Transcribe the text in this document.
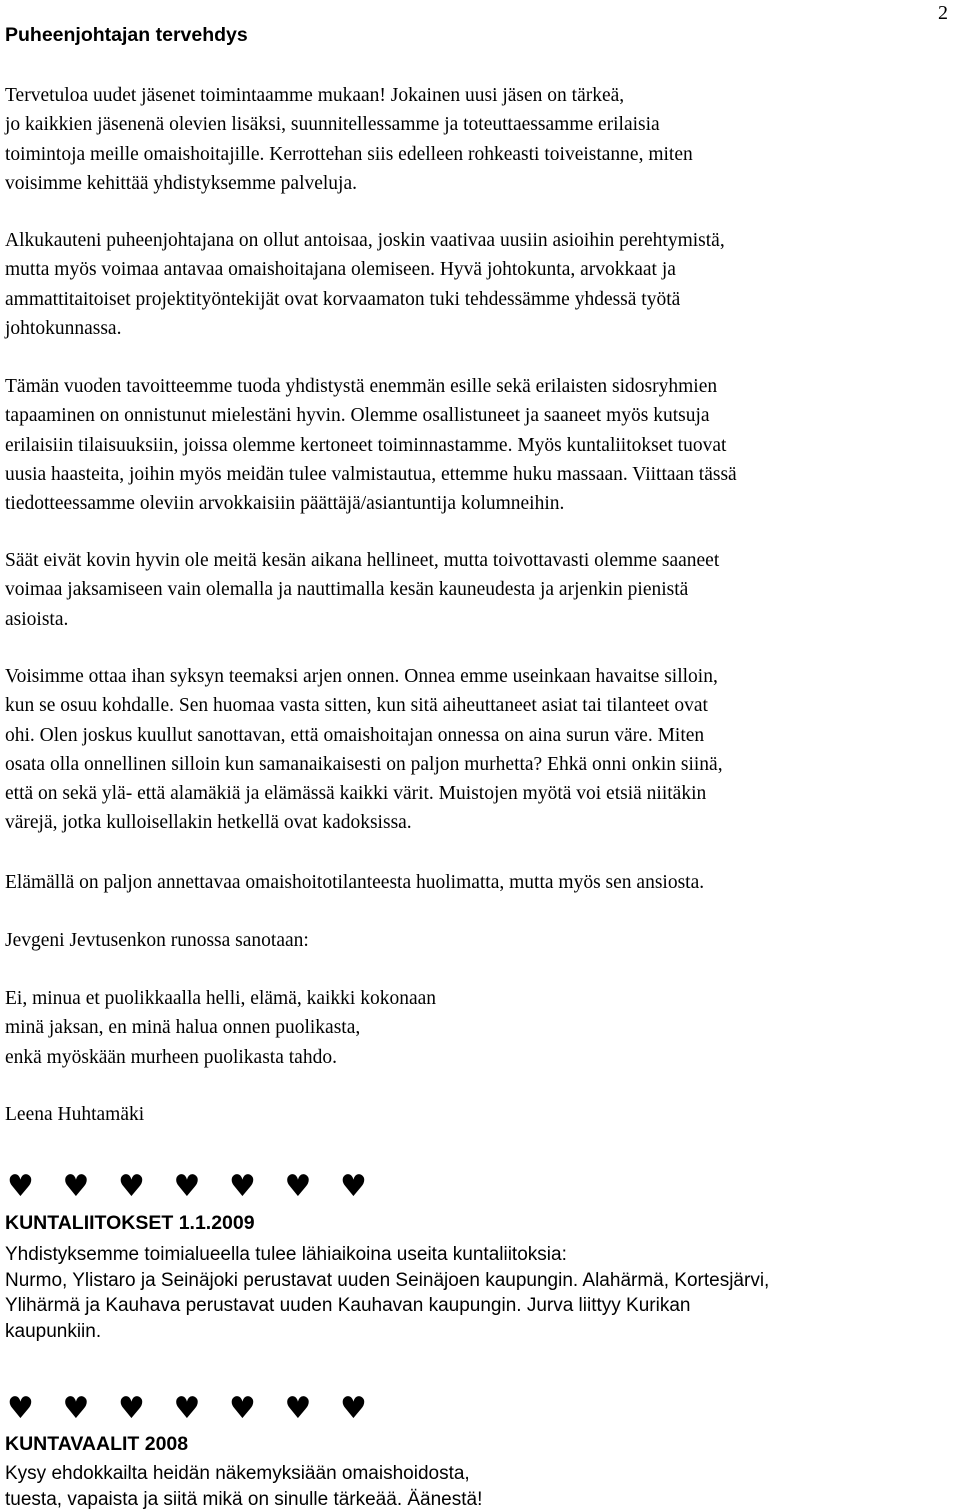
2
Puheenjohtajan tervehdys

Tervetuloa uudet jäsenet toimintaamme mukaan! Jokainen uusi jäsen on tärkeä,
jo kaikkien jäsenenä olevien lisäksi, suunnitellessamme ja toteuttaessamme erilaisia
toimintoja meille omaishoitajille. Kerrottehan siis edelleen rohkeasti toiveistanne, miten
voisimme kehittää yhdistyksemme palveluja.

Alkukauteni puheenjohtajana on ollut antoisaa, joskin vaativaa uusiin asioihin perehtymistä,
mutta myös voimaa antavaa omaishoitajana olemiseen. Hyvä johtokunta, arvokkaat ja
ammattitaitoiset projektityöntekijät ovat korvaamaton tuki tehdessämme yhdessä työtä
johtokunnassa.

Tämän vuoden tavoitteemme tuoda yhdistystä enemmän esille sekä erilaisten sidosryhmien
tapaaminen on onnistunut mielestäni hyvin. Olemme osallistuneet ja saaneet myös kutsuja
erilaisiin tilaisuuksiin, joissa olemme kertoneet toiminnastamme. Myös kuntaliitokset tuovat
uusia haasteita, joihin myös meidän tulee valmistautua, ettemme huku massaan. Viittaan tässä
tiedotteessamme oleviin arvokkaisiin päättäjä/asiantuntija kolumneihin.

Säät eivät kovin hyvin ole meitä kesän aikana hellineet, mutta toivottavasti olemme saaneet
voimaa jaksamiseen vain olemalla ja nauttimalla kesän kauneudesta ja arjenkin pienistä
asioista.

Voisimme ottaa ihan syksyn teemaksi arjen onnen. Onnea emme useinkaan havaitse silloin,
kun se osuu kohdalle. Sen huomaa vasta sitten, kun sitä aiheuttaneet asiat tai tilanteet ovat
ohi. Olen joskus kuullut sanottavan, että omaishoitajan onnessa on aina surun väre. Miten
osata olla onnellinen silloin kun samanaikaisesti on paljon murhetta? Ehkä onni onkin siinä,
että on sekä ylä- että alamäkiä ja elämässä kaikki värit. Muistojen myötä voi etsiä niitäkin
värejä, jotka kulloisellakin hetkellä ovat kadoksissa.

Elämällä on paljon annettavaa omaishoitotilanteesta huolimatta, mutta myös sen ansiosta.

Jevgeni Jevtusenkon runossa sanotaan:

Ei, minua et puolikkaalla helli, elämä, kaikki kokonaan
minä jaksan, en minä halua onnen puolikasta,
enkä myöskään murheen puolikasta tahdo.

Leena Huhtamäki

♥ ♥ ♥ ♥ ♥ ♥ ♥
KUNTALIITOKSET 1.1.2009

Yhdistyksemme toimialueella tulee lähiaikoina useita kuntaliitoksia:
Nurmo, Ylistaro ja Seinäjoki perustavat uuden Seinäjoen kaupungin. Alahärmä, Kortesjärvi,
Ylihärmä ja Kauhava perustavat uuden Kauhavan kaupungin. Jurva liittyy Kurikan
kaupunkiin.

♥ ♥ ♥ ♥ ♥ ♥ ♥
KUNTAVAALIT 2008

Kysy ehdokkailta heidän näkemyksiään omaishoidosta,
tuesta, vapaista ja siitä mikä on sinulle tärkeää. Äänestä!
